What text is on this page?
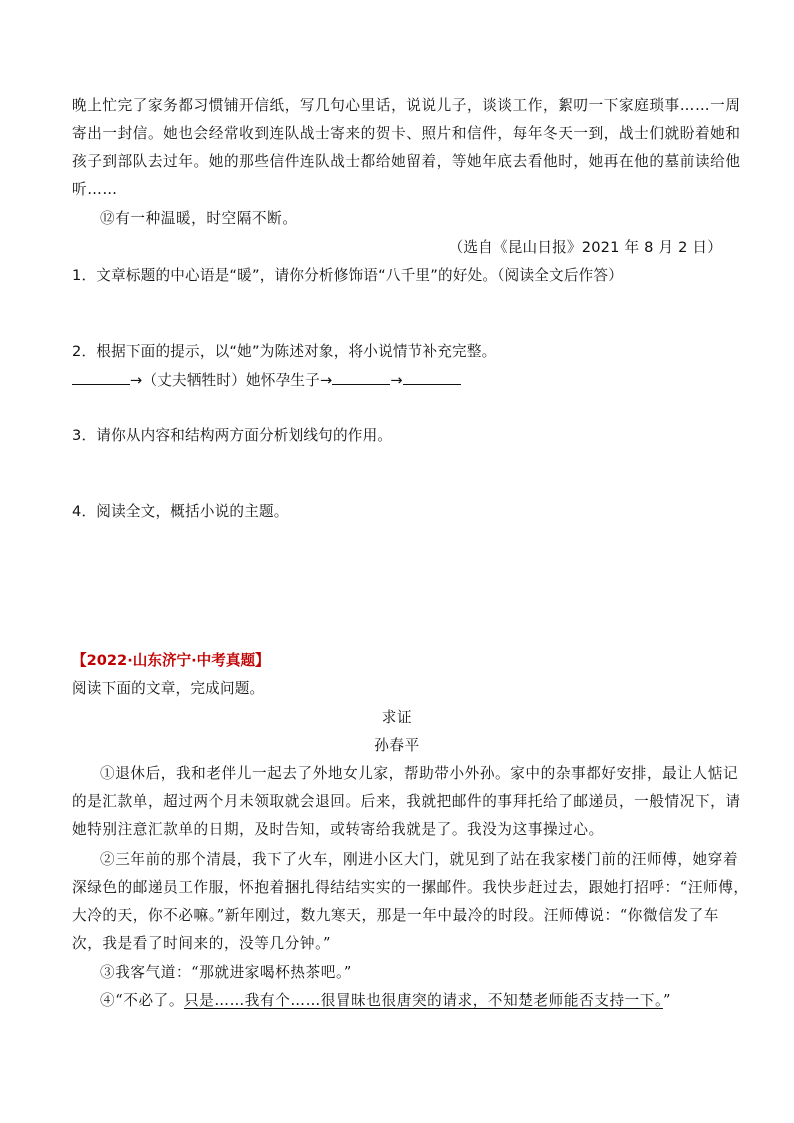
晚上忙完了家务都习惯铺开信纸，写几句心里话，说说儿子，谈谈工作，絮叨一下家庭琐事……一周
寄出一封信。她也会经常收到连队战士寄来的贺卡、照片和信件，每年冬天一到，战士们就盼着她和
孩子到部队去过年。她的那些信件连队战士都给她留着，等她年底去看他时，她再在他的墓前读给他
听……
⑫有一种温暖，时空隔不断。
（选自《昆山日报》2021 年 8 月 2 日）
1．文章标题的中心语是“暖”，请你分析修饰语“八千里”的好处。（阅读全文后作答）
2．根据下面的提示，以“她”为陈述对象，将小说情节补充完整。
→（丈夫牺牲时）她怀孕生子→	→
3．请你从内容和结构两方面分析划线句的作用。
4．阅读全文，概括小说的主题。
【2022·山东济宁·中考真题】
阅读下面的文章，完成问题。
求证
孙春平
①退休后，我和老伴儿一起去了外地女儿家，帮助带小外孙。家中的杂事都好安排，最让人惦记
的是汇款单，超过两个月未领取就会退回。后来，我就把邮件的事拜托给了邮递员，一般情况下，请
她特别注意汇款单的日期，及时告知，或转寄给我就是了。我没为这事操过心。
②三年前的那个清晨，我下了火车，刚进小区大门，就见到了站在我家楼门前的汪师傅，她穿着
深绿色的邮递员工作服，怀抱着捆扎得结结实实的一摞邮件。我快步赶过去，跟她打招呼：“汪师傅，
大冷的天，你不必嘛。”新年刚过，数九寒天，那是一年中最冷的时段。汪师傅说：“你微信发了车
次，我是看了时间来的，没等几分钟。”
③我客气道：“那就进家喝杯热茶吧。”
④“不必了。只是……我有个……很冒昧也很唐突的请求，不知楚老师能否支持一下。”
